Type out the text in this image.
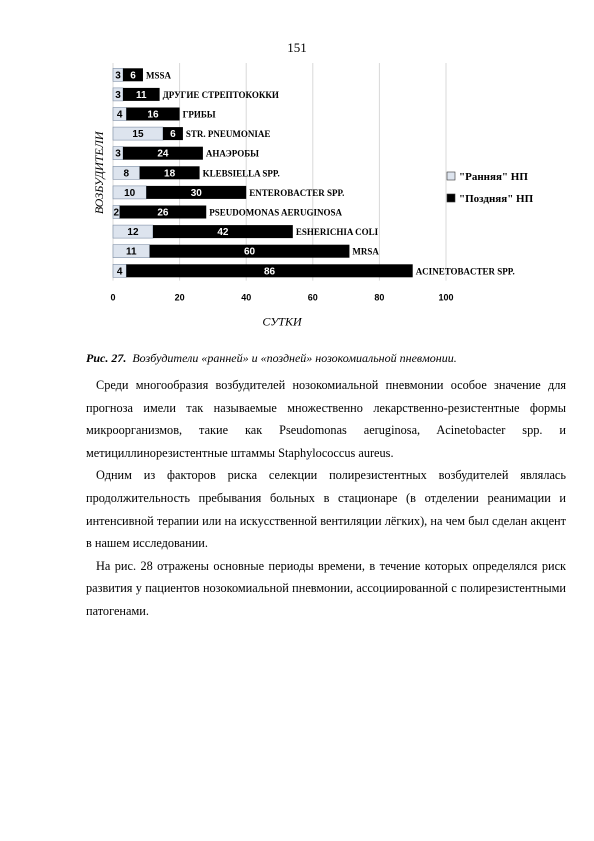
151
3 6 MSSA
3 11 ДРУГИЕ СТРЕПТОКОККИ
4 16	ГРИБЫ
15	6 STR. PNEUMONIAE
3	24	АНАЭРОБЫ
8	18	KLEBSIELLA SPP.
10	30	ENTEROBACTER SPP.
2	26	PSEUDOMONAS AERUGINOSA
12	42	ESHERICHIA COLI
11	60	MRSA
4	86	ACINETOBACTER SPP.
0	20	40	60	80	100
СУТКИ
ВОЗБУДИТЕЛИ	"Ранняя" НП
"Поздняя" НП
Рис. 27. Возбудители «ранней» и «поздней» нозокомиальной пневмонии.

Среди многообразия возбудителей нозокомиальной пневмонии особое значение для прогноза имели так называемые множественно лекарственно-резистентные формы микроорганизмов, такие как Pseudomonas aeruginosa, Acinetobacter spp. и метициллинорезистентные штаммы Staphylococcus aureus.

Одним из факторов риска селекции полирезистентных возбудителей являлась продолжительность пребывания больных в стационаре (в отделении реанимации и интенсивной терапии или на искусственной вентиляции лёгких), на чем был сделан акцент в нашем исследовании.

На рис. 28 отражены основные периоды времени, в течение которых определялся риск развития у пациентов нозокомиальной пневмонии, ассоциированной с полирезистентными патогенами.
